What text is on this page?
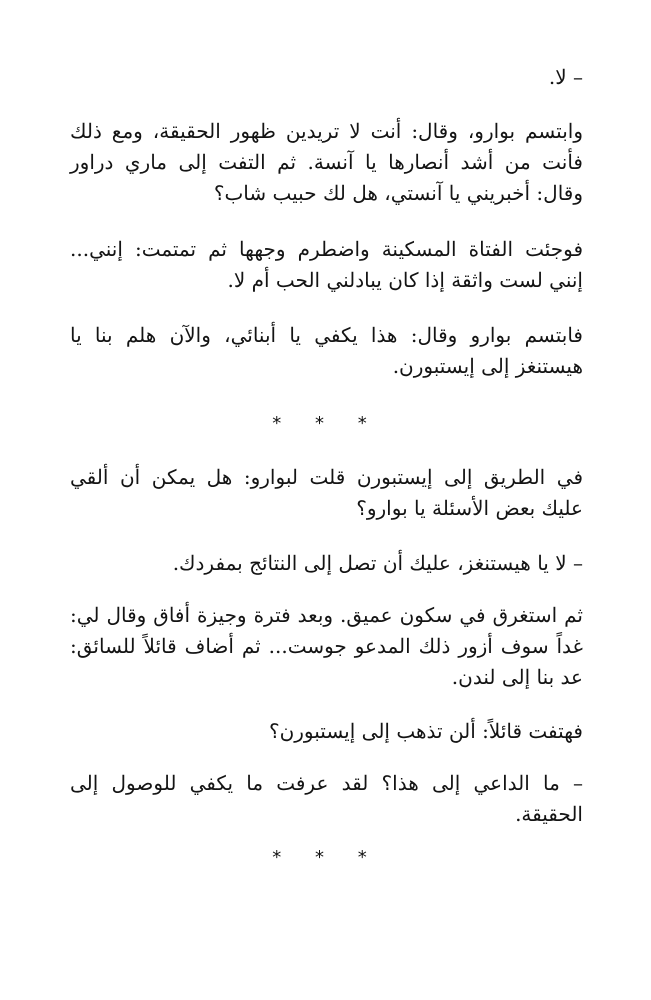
– لا.

وابتسم بوارو، وقال: أنت لا تريدين ظهور الحقيقة، ومع ذلك فأنت من أشد أنصارها يا آنسة. ثم التفت إلى ماري دراور وقال: أخبريني يا آنستي، هل لك حبيب شاب؟

فوجئت الفتاة المسكينة واضطرم وجهها ثم تمتمت: إنني... إنني لست واثقة إذا كان يبادلني الحب أم لا.

فابتسم بوارو وقال: هذا يكفي يا أبنائي، والآن هلم بنا يا هيستنغز إلى إيستبورن.

* * *

في الطريق إلى إيستبورن قلت لبوارو: هل يمكن أن ألقي عليك بعض الأسئلة يا بوارو؟

– لا يا هيستنغز، عليك أن تصل إلى النتائج بمفردك.

ثم استغرق في سكون عميق. وبعد فترة وجيزة أفاق وقال لي: غداً سوف أزور ذلك المدعو جوست... ثم أضاف قائلاً للسائق: عد بنا إلى لندن.

فهتفت قائلاً: ألن تذهب إلى إيستبورن؟

– ما الداعي إلى هذا؟ لقد عرفت ما يكفي للوصول إلى الحقيقة.

* * *
